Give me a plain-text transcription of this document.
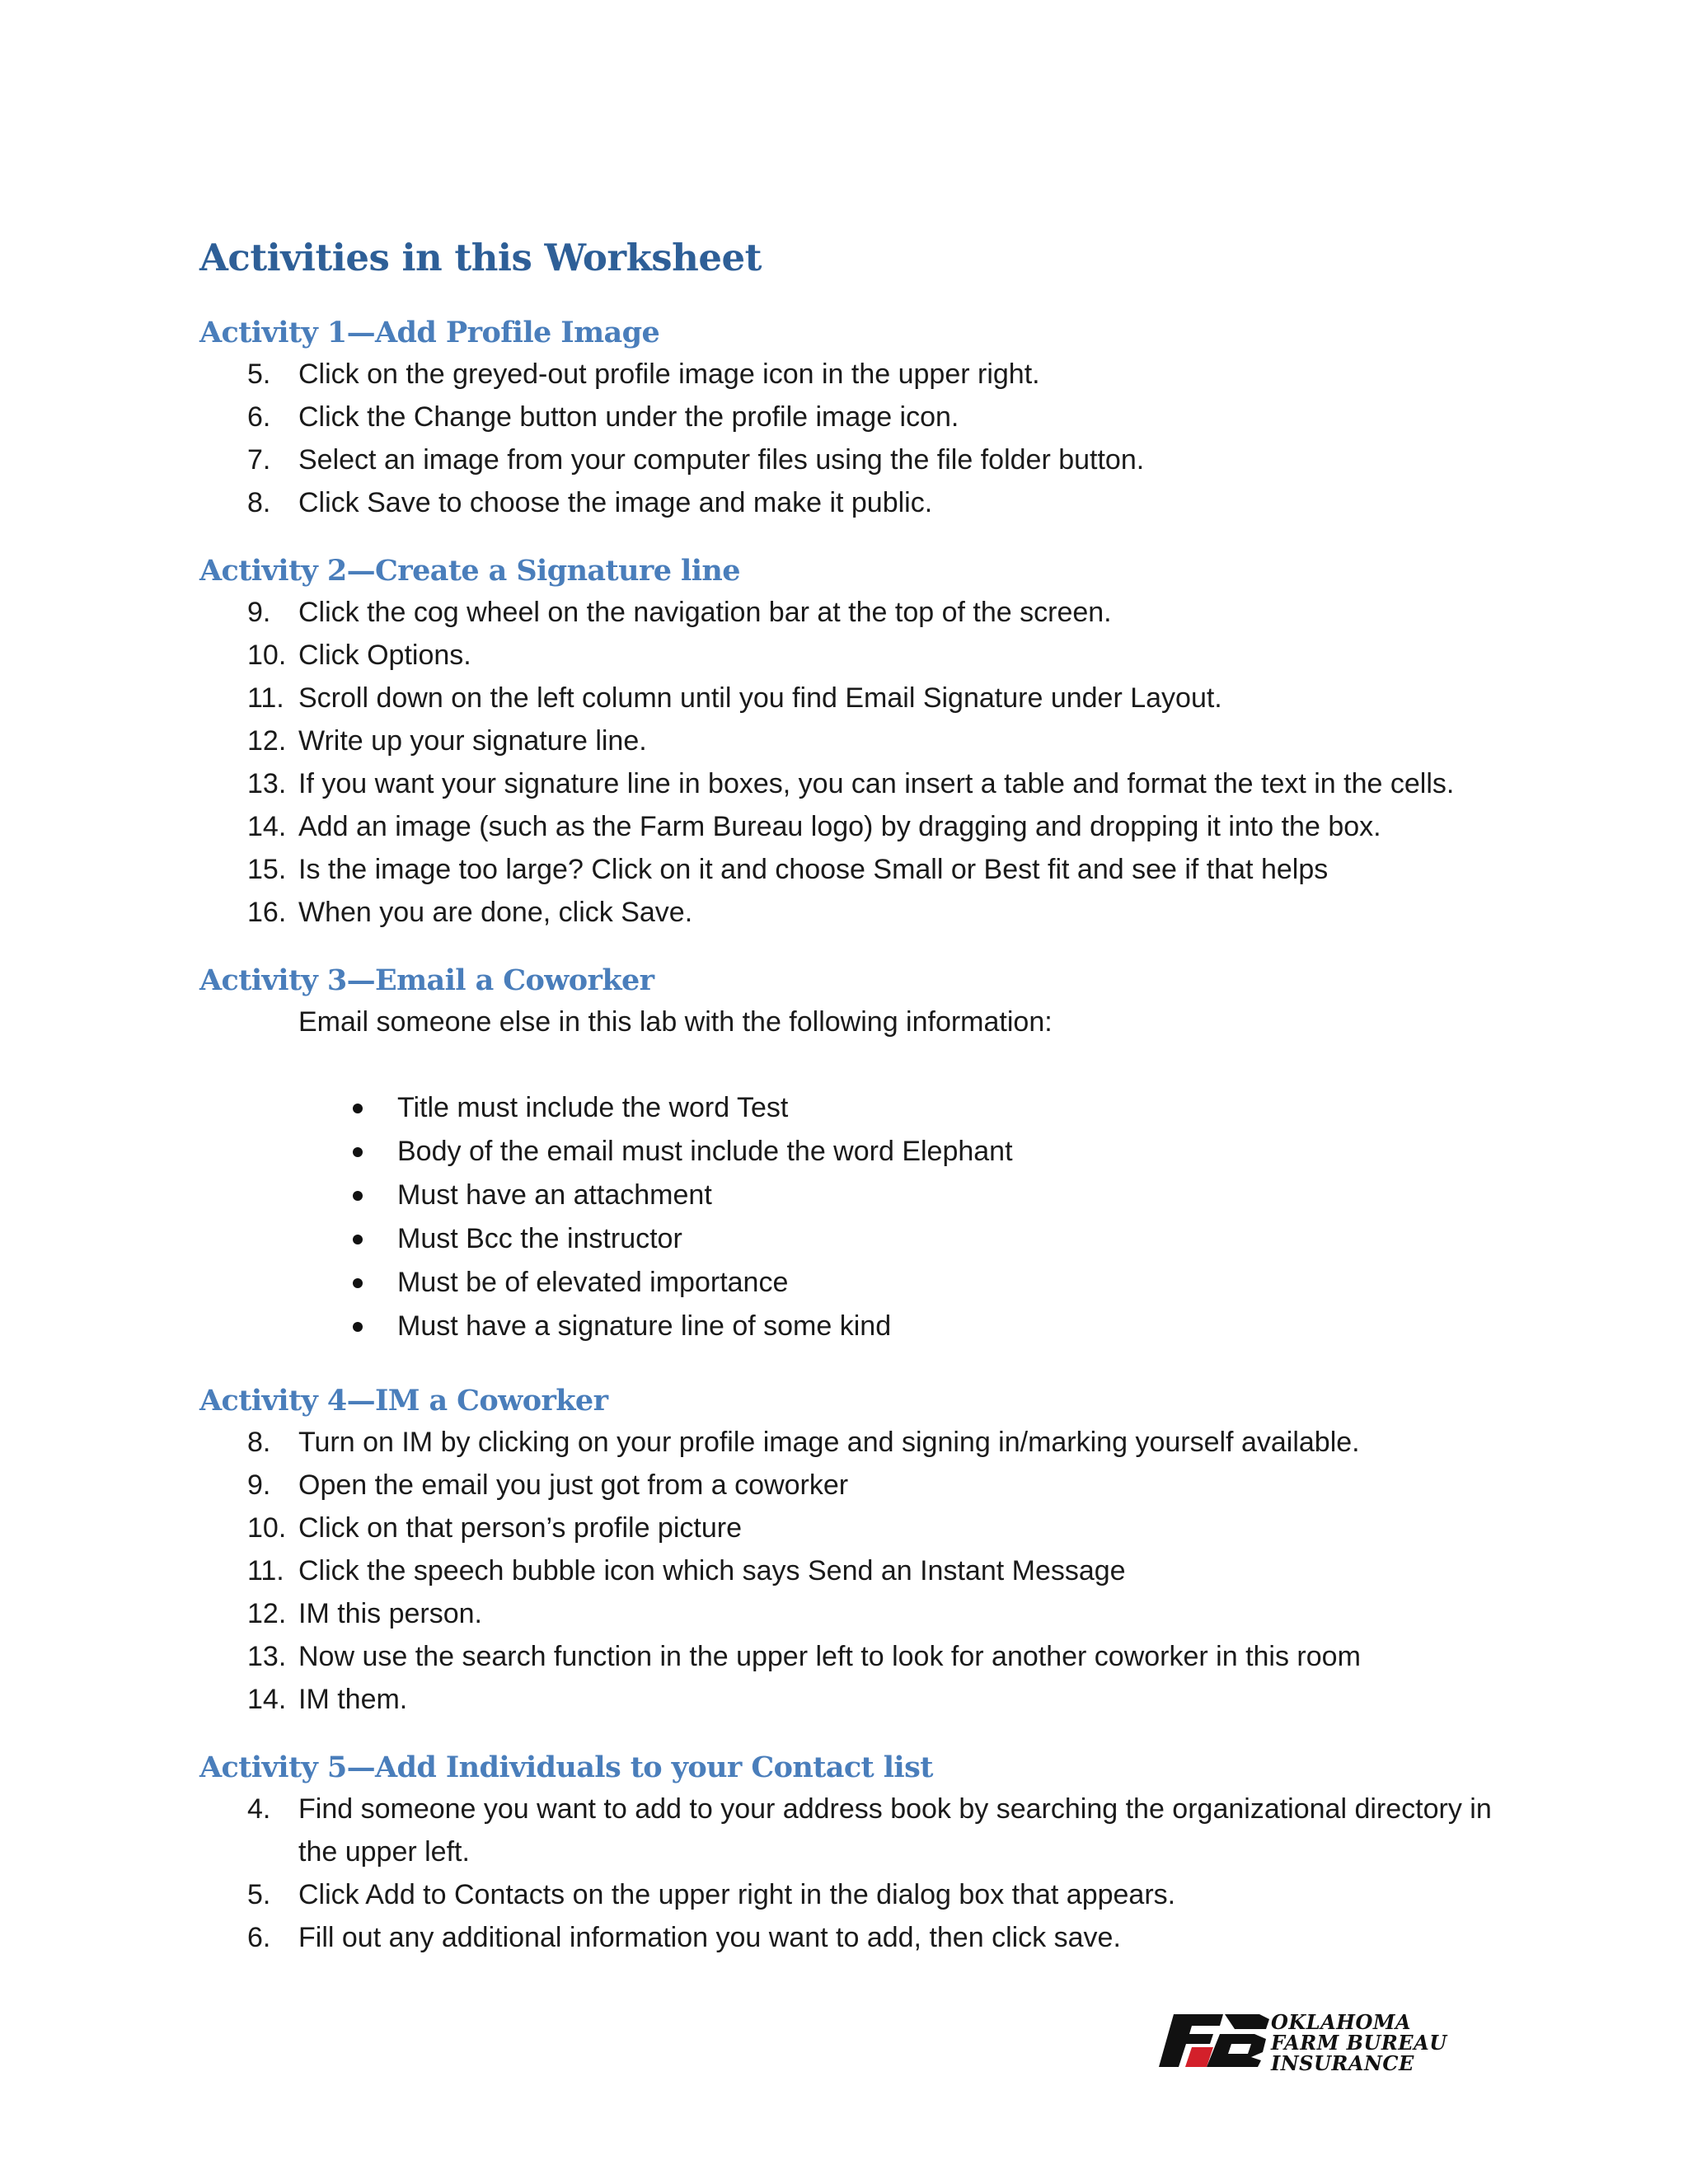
Activities in this Worksheet
Activity 1—Add Profile Image
5. Click on the greyed-out profile image icon in the upper right.
6. Click the Change button under the profile image icon.
7. Select an image from your computer files using the file folder button.
8. Click Save to choose the image and make it public.
Activity 2—Create a Signature line
9. Click the cog wheel on the navigation bar at the top of the screen.
10. Click Options.
11. Scroll down on the left column until you find Email Signature under Layout.
12. Write up your signature line.
13. If you want your signature line in boxes, you can insert a table and format the text in the cells.
14. Add an image (such as the Farm Bureau logo) by dragging and dropping it into the box.
15. Is the image too large? Click on it and choose Small or Best fit and see if that helps
16. When you are done, click Save.
Activity 3—Email a Coworker

Email someone else in this lab with the following information:

Title must include the word Test
Body of the email must include the word Elephant
Must have an attachment
Must Bcc the instructor
Must be of elevated importance
Must have a signature line of some kind
Activity 4—IM a Coworker
8. Turn on IM by clicking on your profile image and signing in/marking yourself available.
9. Open the email you just got from a coworker
10. Click on that person’s profile picture
11. Click the speech bubble icon which says Send an Instant Message
12. IM this person.
13. Now use the search function in the upper left to look for another coworker in this room
14. IM them.
Activity 5—Add Individuals to your Contact list
4. Find someone you want to add to your address book by searching the organizational directory in the upper left.
5. Click Add to Contacts on the upper right in the dialog box that appears.
6. Fill out any additional information you want to add, then click save.
OKLAHOMA
FARM BUREAU
INSURANCE
